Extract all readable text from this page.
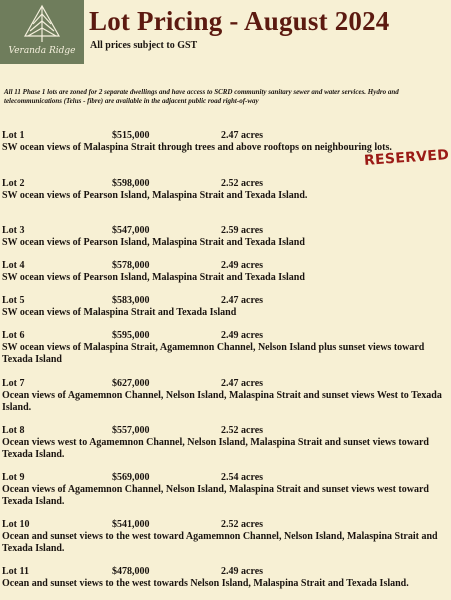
Veranda Ridge
Lot Pricing - August 2024
All prices subject to GST
All 11 Phase 1 lots are zoned for 2 separate dwellings and have access to SCRD community sanitary sewer and water services. Hydro and telecommunications (Telus - fibre) are available in the adjacent public road right-of-way
Lot 1	$515,000	2.47 acres
SW ocean views of Malaspina Strait through trees and above rooftops on neighbouring lots.
Lot 2	$598,000	2.52 acres
SW ocean views of Pearson Island, Malaspina Strait and Texada Island.
Lot 3	$547,000	2.59 acres
SW ocean views of Pearson Island, Malaspina Strait and Texada Island
Lot 4	$578,000	2.49 acres
SW ocean views of Pearson Island, Malaspina Strait and Texada Island
Lot 5	$583,000	2.47 acres
SW ocean views of Malaspina Strait and Texada Island
Lot 6	$595,000	2.49 acres
SW ocean views of Malaspina Strait, Agamemnon Channel, Nelson Island plus sunset views toward Texada Island
Lot 7	$627,000	2.47 acres
Ocean views of Agamemnon Channel, Nelson Island, Malaspina Strait and sunset views West to Texada Island.
Lot 8	$557,000	2.52 acres
Ocean views west to Agamemnon Channel, Nelson Island, Malaspina Strait and sunset views toward Texada Island.
Lot 9	$569,000	2.54 acres
Ocean views of Agamemnon Channel, Nelson Island, Malaspina Strait and sunset views west toward Texada Island.
Lot 10	$541,000	2.52 acres
Ocean and sunset views to the west toward Agamemnon Channel, Nelson Island, Malaspina Strait and Texada Island.
Lot 11	$478,000	2.49 acres
Ocean and sunset views to the west towards Nelson Island, Malaspina Strait and Texada Island.
RESERVED
